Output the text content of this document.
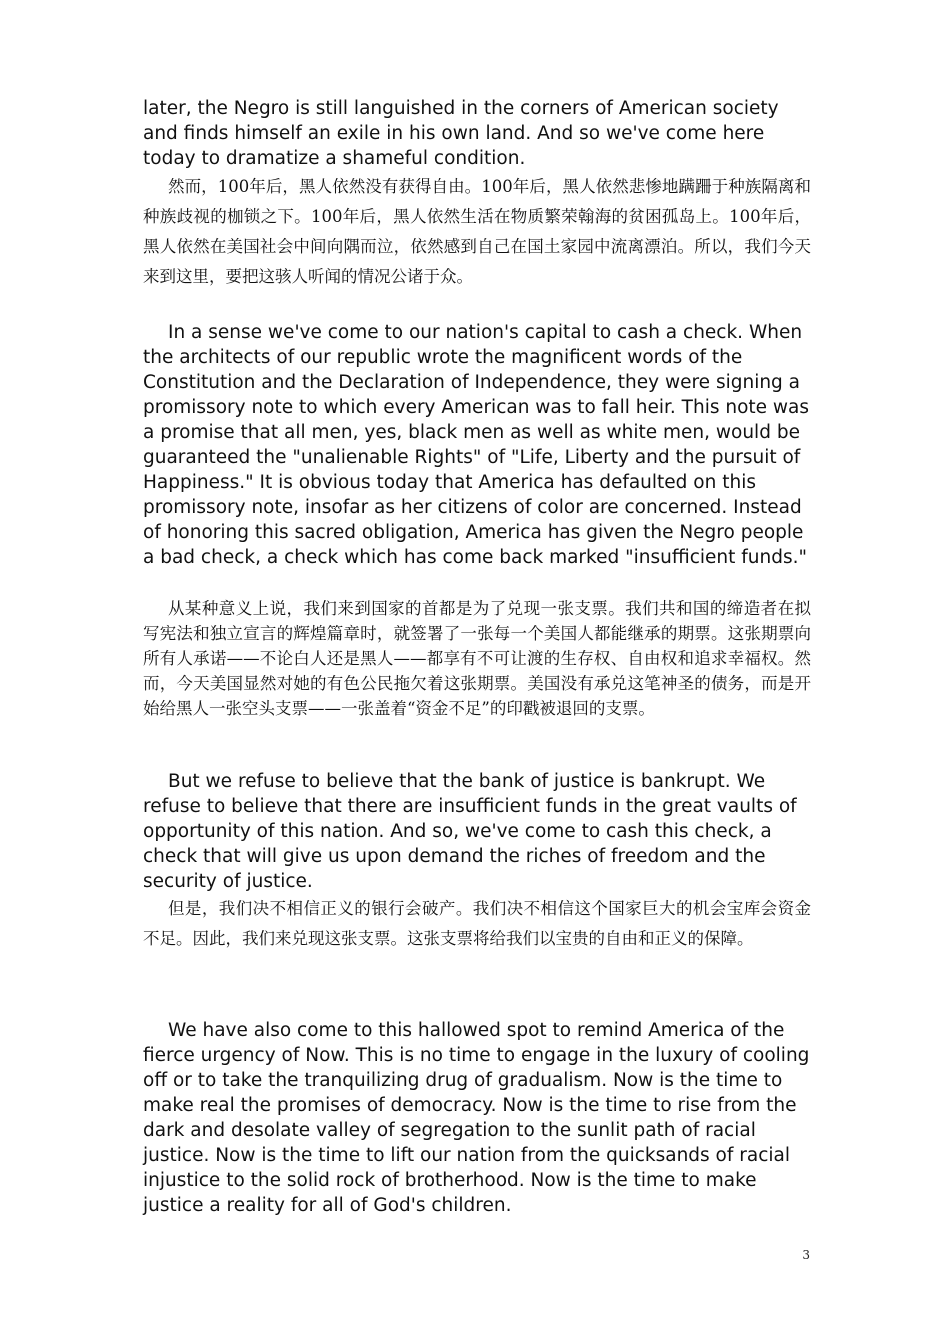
later, the Negro is still languished in the corners of American society and finds himself an exile in his own land. And so we've come here today to dramatize a shameful condition.

然而，100年后，黑人依然没有获得自由。100年后，黑人依然悲惨地蹒跚于种族隔离和种族歧视的枷锁之下。100年后，黑人依然生活在物质繁荣翰海的贫困孤岛上。100年后，黑人依然在美国社会中间向隅而泣，依然感到自己在国土家园中流离漂泊。所以，我们今天来到这里，要把这骇人听闻的情况公诸于众。

In a sense we've come to our nation's capital to cash a check. When the architects of our republic wrote the magnificent words of the Constitution and the Declaration of Independence, they were signing a promissory note to which every American was to fall heir. This note was a promise that all men, yes, black men as well as white men, would be guaranteed the "unalienable Rights" of "Life, Liberty and the pursuit of Happiness." It is obvious today that America has defaulted on this promissory note, insofar as her citizens of color are concerned. Instead of honoring this sacred obligation, America has given the Negro people a bad check, a check which has come back marked "insufficient funds."

从某种意义上说，我们来到国家的首都是为了兑现一张支票。我们共和国的缔造者在拟写宪法和独立宣言的辉煌篇章时，就签署了一张每一个美国人都能继承的期票。这张期票向所有人承诺——不论白人还是黑人——都享有不可让渡的生存权、自由权和追求幸福权。然而，今天美国显然对她的有色公民拖欠着这张期票。美国没有承兑这笔神圣的债务，而是开始给黑人一张空头支票——一张盖着“资金不足”的印戳被退回的支票。

But we refuse to believe that the bank of justice is bankrupt. We refuse to believe that there are insufficient funds in the great vaults of opportunity of this nation. And so, we've come to cash this check, a check that will give us upon demand the riches of freedom and the security of justice.

但是，我们决不相信正义的银行会破产。我们决不相信这个国家巨大的机会宝库会资金不足。因此，我们来兑现这张支票。这张支票将给我们以宝贵的自由和正义的保障。

We have also come to this hallowed spot to remind America of the fierce urgency of Now. This is no time to engage in the luxury of cooling off or to take the tranquilizing drug of gradualism. Now is the time to make real the promises of democracy. Now is the time to rise from the dark and desolate valley of segregation to the sunlit path of racial justice. Now is the time to lift our nation from the quicksands of racial injustice to the solid rock of brotherhood. Now is the time to make justice a reality for all of God's children.

3
